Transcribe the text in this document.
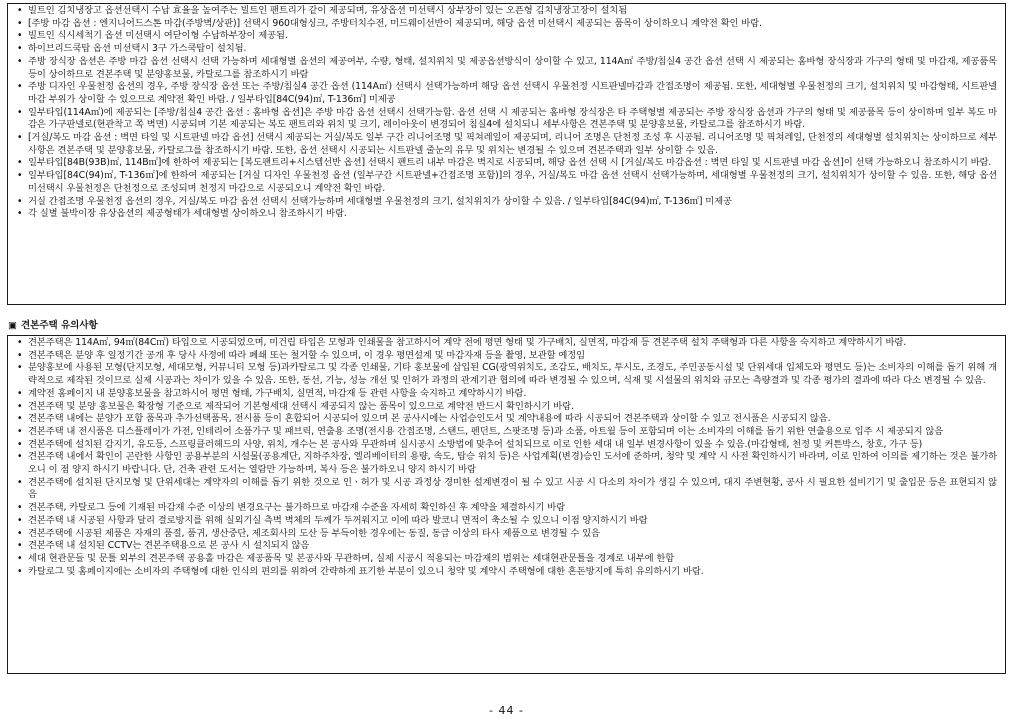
• 빌트인 김치냉장고 옵션선택시 수납 효율을 높여주는 빌트인 팬트리가 같이 제공되며, 유상옵션 미선택시 상부장이 있는 오픈형 김치냉장고장이 설치됨
• [주방 마감 옵션 : 엔지니어드스톤 마감(주방벽/상판)] 선택시 960대형싱크, 주방터치수전, 미드웨이선반이 제공되며, 해당 옵션 미선택시 제공되는 품목이 상이하오니 계약전 확인 바람.
• 빌트인 식시세척기 옵션 미선택시 여닫이형 수납하부장이 제공됨.
• 하이브리드쿡탑 옵션 미선택시 3구 가스쿡탑이 설치됨.
• 주방 장식장 옵션은 주방 마감 옵션 선택시 선택 가능하며 세대형별 옵션의 제공여부, 수량, 형태, 설치위치 및 제공옵션방식이 상이할 수 있고, 114A㎡ 주방/침실4 공간 옵션 선택 시 제공되는 홈바형 장식장과 가구의 형태 및 마감재, 제공품목 등이 상이하므로 견본주택 및 분양홍보물, 카탈로그를 참조하시기 바람
• 주방 디자인 우물천정 옵션의 경우, 주방 장식장 옵션 또는 주방/침실4 공간 옵션 (114A㎡) 선택시 선택가능하며 해당 옵션 선택시 우물천정 시트판넬마감과 간접조명이 제공됨. 또한, 세대형별 우물천정의 크기, 설치위치 및 마감형태, 시트판넬 마감 부위가 상이할 수 있으므로 계약전 확인 바람. / 일부타입[84C(94)㎡, T-136㎡] 미제공
• 일부타입(114A㎡)에 제공되는 [주방/침실4 공간 옵션 : 홈바형 옵션]은 주방 마감 옵션 선택시 선택가능함. 옵션 선택 시 제공되는 홈바형 장식장은 타 주택형별 제공되는 주방 장식장 옵션과 가구의 형태 및 제공품목 등이 상이하며 일부 복도 마감은 가구판넬로(현관착고 쪽 벽면) 시공되며 기본 제공되는 복도 팬트리와 위치 및 크기, 레이아웃이 변경되어 침실4에 설치되니 세부사항은 견본주택 및 분양홍보물, 카탈로그를 참조하시기 바람.
• [거실/복도 마감 옵션 : 벽면 타일 및 시트판넬 마감 옵션] 선택시 제공되는 거실/복도 일부 구간 리니어조명 및 픽쳐레일이 제공되며, 리니어 조명은 단천정 조성 후 시공됨. 리니어조명 및 픽쳐레일, 단천정의 세대형별 설치위치는 상이하므로 세부사항은 견본주택 및 분양홍보물, 카탈로그를 참조하시기 바람. 또한, 옵션 선택시 시공되는 시트판넬 줄눈의 유무 및 위치는 변경될 수 있으며 견본주택과 일부 상이할 수 있음.
• 일부타입[84B(93B)㎡, 114B㎡]에 한하여 제공되는 [복도팬트리+시스템선반 옵션] 선택시 팬트리 내부 마감은 벽지로 시공되며, 해당 옵션 선택 시 [거실/복도 마감옵션 : 벽면 타일 및 시트판넬 마감 옵션]이 선택 가능하오니 참조하시기 바람.
• 일부타입[84C(94)㎡, T-136㎡]에 한하여 제공되는 [거실 디자인 우물천정 옵션 (일부구간 시트판넬+간접조명 포함)]의 경우, 거실/복도 마감 옵션 선택시 선택가능하며, 세대형별 우물천정의 크기, 설치위치가 상이할 수 있음. 또한, 해당 옵션 미선택시 우물천정은 단천정으로 조성되며 천정지 마감으로 시공되오니 계약전 확인 바람.
• 거실 간접조명 우물천정 옵션의 경우, 거실/복도 마감 옵션 선택시 선택가능하며 세대형별 우물천정의 크기, 설치위치가 상이할 수 있음. / 일부타입[84C(94)㎡, T-136㎡] 미제공
• 각 실별 불박이장 유상옵션의 제공형태가 세대형별 상이하오니 참조하시기 바람.
▣ 견본주택 유의사항
• 견본주택은 114A㎡, 94㎡(84C㎡) 타입으로 시공되었으며, 미건립 타입은 모형과 인쇄물을 참고하시어 계약 전에 평면 형태 및 가구배치, 실면적, 마감재 등 견본주택 설치 주택형과 다른 사항을 숙지하고 계약하시기 바람.
• 견본주택은 분양 후 일정기간 공개 후 당사 사정에 따라 폐쇄 또는 철거할 수 있으며, 이 경우 평면설계 및 마감자재 등을 촬영, 보관할 예정임
• 분양홍보에 사용된 모형(단지모형, 세대모형, 커뮤니티 모형 등)과카탈로그 및 각종 인쇄물, 기타 홍보물에 삽입된 CG(광역위치도, 조감도, 배치도, 투시도, 조경도, 주민공동시설 및 단위세대 입체도와 평면도 등)는 소비자의 이해를 돕기 위해 개략적으로 제작된 것이므로 실제 시공과는 차이가 있을 수 있음. 또한, 동선, 기능, 성능 개선 및 인허가 과정의 관계기관 협의에 따라 변경될 수 있으며, 식재 및 시설물의 위치와 규모는 측량결과 및 각종 평가의 결과에 따라 다소 변경될 수 있음.
• 계약전 홈페이지 내 분양홍보물을 참고하시어 평면 형태, 가구배치, 실면적, 마감재 등 관련 사항을 숙지하고 계약하시기 바람.
• 견본주택 및 분양 홍보물은 확장형 기준으로 제작되어 기본형세대 선택시 제공되지 않는 품목이 있으므로 계약전 반드시 확인하시기 바람.
• 견본주택 내에는 분양가 포함 품목과 추가선택품목, 전시품 등이 혼합되어 시공되어 있으며 본 공사시에는 사업승인도서 및 계약내용에 따라 시공되어 견본주택과 상이할 수 있고 전시품은 시공되지 않음.
• 견본주택 내 전시품은 디스플레이가 가전, 인테리어 소품가구 및 패브릭, 연출용 조명(전시용 간접조명, 스탠드, 펜던트, 스팟조명 등)과 소품, 아트월 등이 포함되며 이는 소비자의 이해를 돕기 위한 연출용으로 입주 시 제공되지 않음
• 견본주택에 설치된 감지기, 유도등, 스프링클러헤드의 사양, 위치, 개수는 본 공사와 무관하며 실시공시 소방법에 맞추어 설치되므로 이로 인한 세대 내 일부 변경사항이 있을 수 있음.(마감형태, 천정 및 커튼박스, 창호, 가구 등)
• 견본주택 내에서 확인이 곤란한 사항인 공용부분의 시설물(공용계단, 지하주차장, 엘리베이터의 용량, 속도, 탑승 위치 등)은 사업계획(변경)승인 도서에 준하며, 청약 및 계약 시 사전 확인하시기 바라며, 이로 인하여 이의를 제기하는 것은 불가하오니 이 점 양지 하시기 바랍니다. 단, 건축 관련 도서는 열람만 가능하며, 복사 등은 불가하오니 양지 하시기 바람
• 견본주택에 설치된 단지모형 및 단위세대는 계약자의 이해를 돕기 위한 것으로 인ㆍ허가 및 시공 과정상 경미한 설계변경이 될 수 있고 시공 시 다소의 차이가 생길 수 있으며, 대지 주변현황, 공사 시 필요한 설비기기 및 출입문 등은 표현되지 않음
• 견본주택, 카탈로그 등에 기재된 마감재 수준 이상의 변경요구는 불가하므로 마감재 수준을 자세히 확인하신 후 계약을 체결하시기 바람
• 견본주택 내 시공된 사항과 달리 결로방지를 위해 실외기실 측벽 벽체의 두께가 두꺼워지고 이에 따라 발코니 면적이 축소될 수 있으니 이점 양지하시기 바람
• 견본주택에 시공된 제품은 자재의 품절, 품귀, 생산중단, 제조회사의 도산 등 부득이한 경우에는 동질, 동급 이상의 타사 제품으로 변경될 수 있음
• 견본주택 내 설치된 CCTV는 견본주택용으로 본 공사 시 설치되지 않음
• 세대 현관문들 및 문틀 외부의 견본주택 공용홀 마감은 제공품목 및 본공사와 무관하며, 실제 시공시 적용되는 마감재의 범위는 세대현관문틀을 경계로 내부에 한함
• 카탈로그 및 홈페이지에는 소비자의 주택형에 대한 인식의 편의를 위하여 간략하게 표기한 부분이 있으니 청약 및 계약시 주택형에 대한 혼돈방지에 특히 유의하시기 바람.
- 44 -
